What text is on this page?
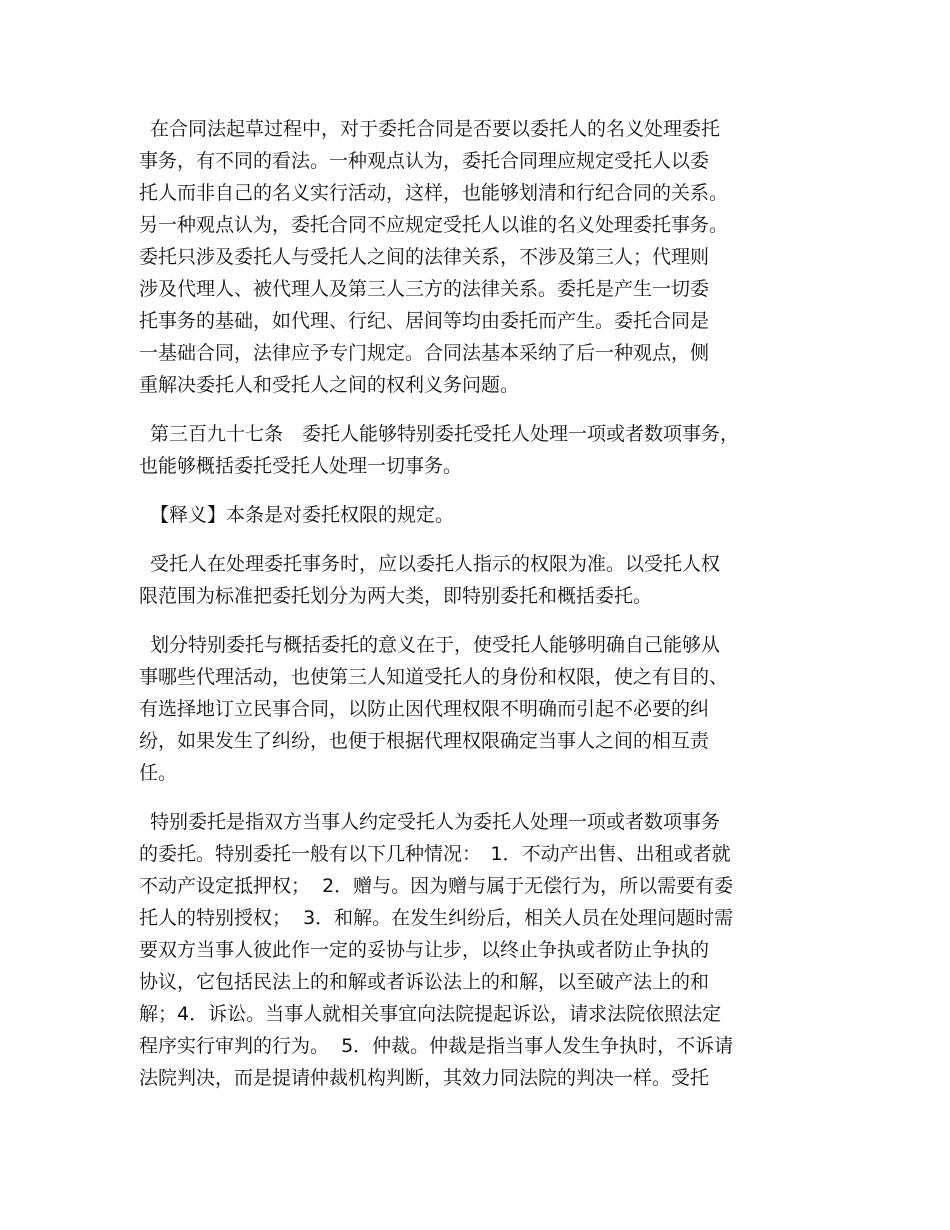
在合同法起草过程中，对于委托合同是否要以委托人的名义处理委托
事务，有不同的看法。一种观点认为，委托合同理应规定受托人以委
托人而非自己的名义实行活动，这样，也能够划清和行纪合同的关系。
另一种观点认为，委托合同不应规定受托人以谁的名义处理委托事务。
委托只涉及委托人与受托人之间的法律关系，不涉及第三人；代理则
涉及代理人、被代理人及第三人三方的法律关系。委托是产生一切委
托事务的基础，如代理、行纪、居间等均由委托而产生。委托合同是
一基础合同，法律应予专门规定。合同法基本采纳了后一种观点，侧
重解决委托人和受托人之间的权利义务问题。
第三百九十七条　委托人能够特别委托受托人处理一项或者数项事务，
也能够概括委托受托人处理一切事务。
【释义】本条是对委托权限的规定。
受托人在处理委托事务时，应以委托人指示的权限为准。以受托人权
限范围为标准把委托划分为两大类，即特别委托和概括委托。
划分特别委托与概括委托的意义在于，使受托人能够明确自己能够从
事哪些代理活动，也使第三人知道受托人的身份和权限，使之有目的、
有选择地订立民事合同，以防止因代理权限不明确而引起不必要的纠
纷，如果发生了纠纷，也便于根据代理权限确定当事人之间的相互责
任。
特别委托是指双方当事人约定受托人为委托人处理一项或者数项事务
的委托。特别委托一般有以下几种情况：　1．不动产出售、出租或者就
不动产设定抵押权；  2．赠与。因为赠与属于无偿行为，所以需要有委
托人的特别授权；  3．和解。在发生纠纷后，相关人员在处理问题时需
要双方当事人彼此作一定的妥协与让步，以终止争执或者防止争执的
协议，它包括民法上的和解或者诉讼法上的和解，以至破产法上的和
解；4．诉讼。当事人就相关事宜向法院提起诉讼，请求法院依照法定
程序实行审判的行为。  5．仲裁。仲裁是指当事人发生争执时，不诉请
法院判决，而是提请仲裁机构判断，其效力同法院的判决一样。受托
